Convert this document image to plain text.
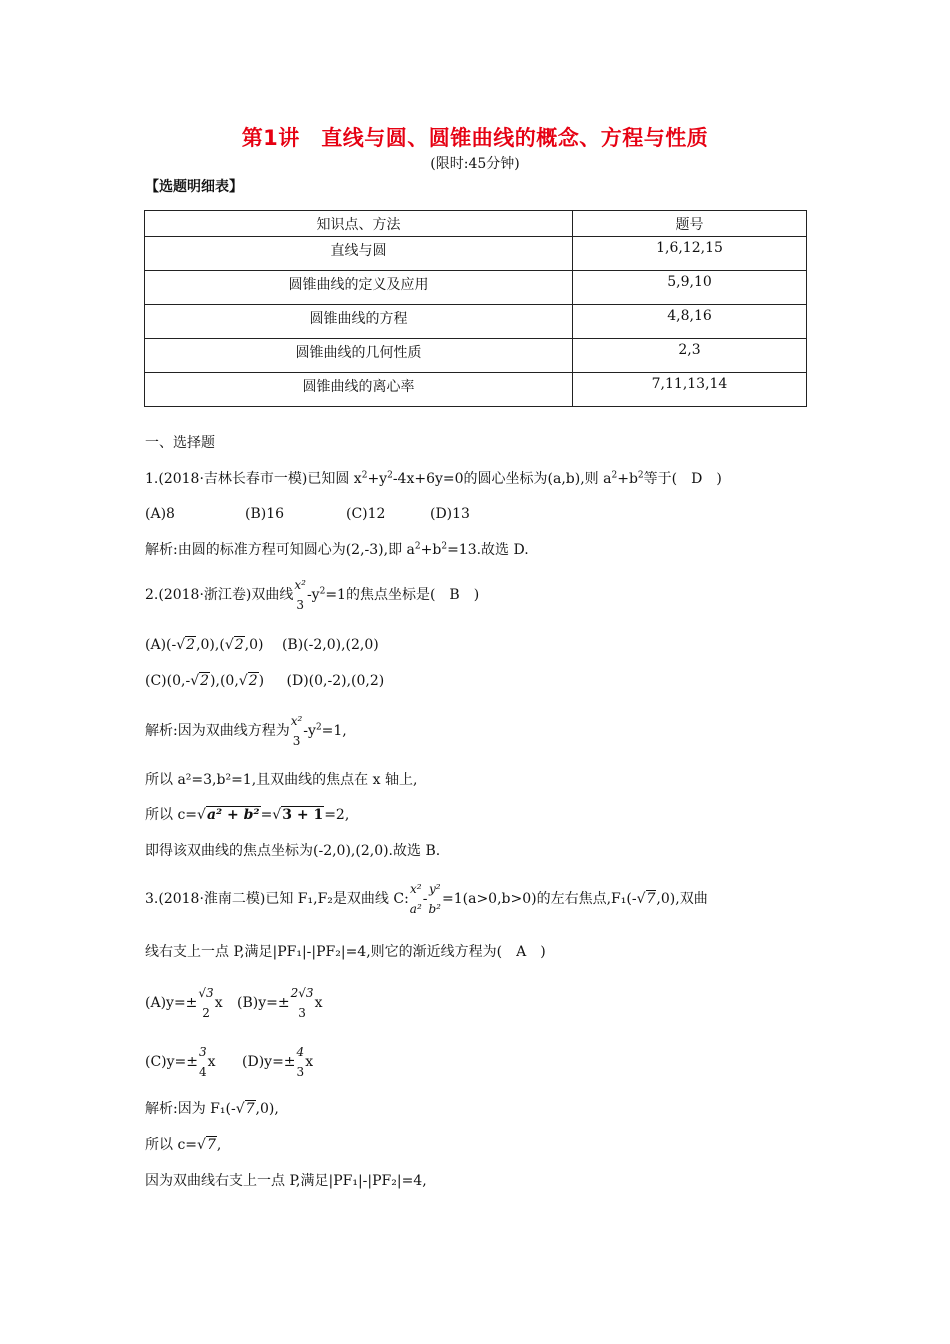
第1讲　直线与圆、圆锥曲线的概念、方程与性质
(限时:45分钟)
【选题明细表】
知识点、方法	题号
直线与圆	1,6,12,15
圆锥曲线的定义及应用	5,9,10
圆锥曲线的方程	4,8,16
圆锥曲线的几何性质	2,3
圆锥曲线的离心率	7,11,13,14
一、选择题
1.(2018·吉林长春市一模)已知圆 $x^2+y^2-4x+6y=0$的圆心坐标为(a,b),则 $a^2+b^2$等于(　D　)
(A)8	(B)16	(C)12	(D)13
解析:由圆的标准方程可知圆心为(2,-3),即 $a^2+b^2=13$.故选 D.
2.(2018·浙江卷)双曲线
x²
3
$-y^2=1$的焦点坐标是(　B　)
(A)(-√2,0),(√2,0) (B)(-2,0),(2,0)
(C)(0,-√2),(0,√2) (D)(0,-2),(0,2)
解析:因为双曲线方程为
x²
3
$-y^2=1$,
所以 a²=3,b²=1,且双曲线的焦点在 x 轴上,
所以 c=√a² + b²=√3 + 1=2,
即得该双曲线的焦点坐标为(-2,0),(2,0).故选 B.
3.(2018·淮南二模)已知 F₁,F₂是双曲线 C:
x²
a²
-
y²
b²
=1(a>0,b>0)的左右焦点,F₁(-√7,0),双曲
线右支上一点 P,满足|PF₁|-|PF₂|=4,则它的渐近线方程为(　A　)
(A)y=±
√3
2
x (B)y=±
2√3
3
x
(C)y=±
3
4
x (D)y=±
4
3
x
解析:因为 F₁(-√7,0),
所以 c=√7,
因为双曲线右支上一点 P,满足|PF₁|-|PF₂|=4,
